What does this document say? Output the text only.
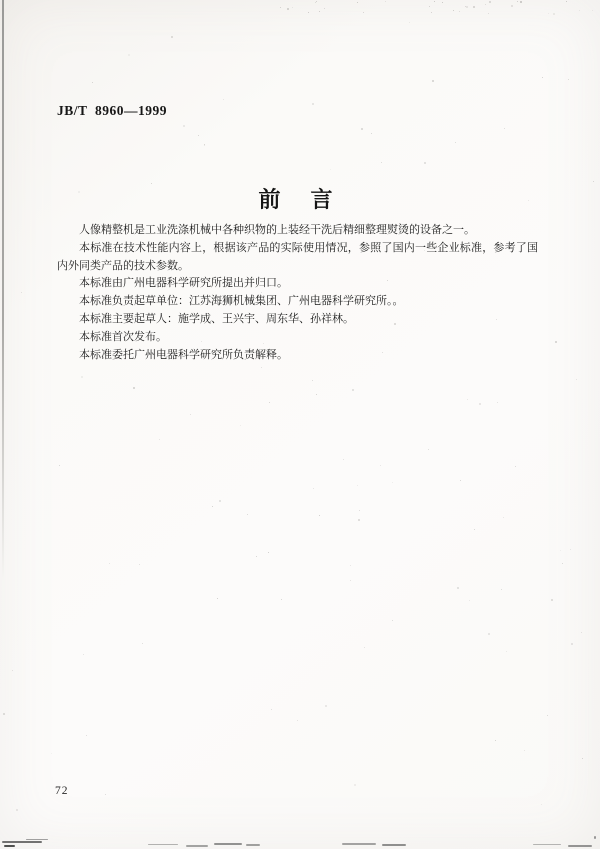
JB/T  8960—1999
前　言

人像精整机是工业洗涤机械中各种织物的上装经干洗后精细整理熨烫的设备之一。

本标准在技术性能内容上，根据该产品的实际使用情况，参照了国内一些企业标准，参考了国内外同类产品的技术参数。

本标准由广州电器科学研究所提出并归口。

本标准负责起草单位：江苏海狮机械集团、广州电器科学研究所。。

本标准主要起草人：施学成、王兴宇、周东华、孙祥林。

本标准首次发布。

本标准委托广州电器科学研究所负责解释。

72
